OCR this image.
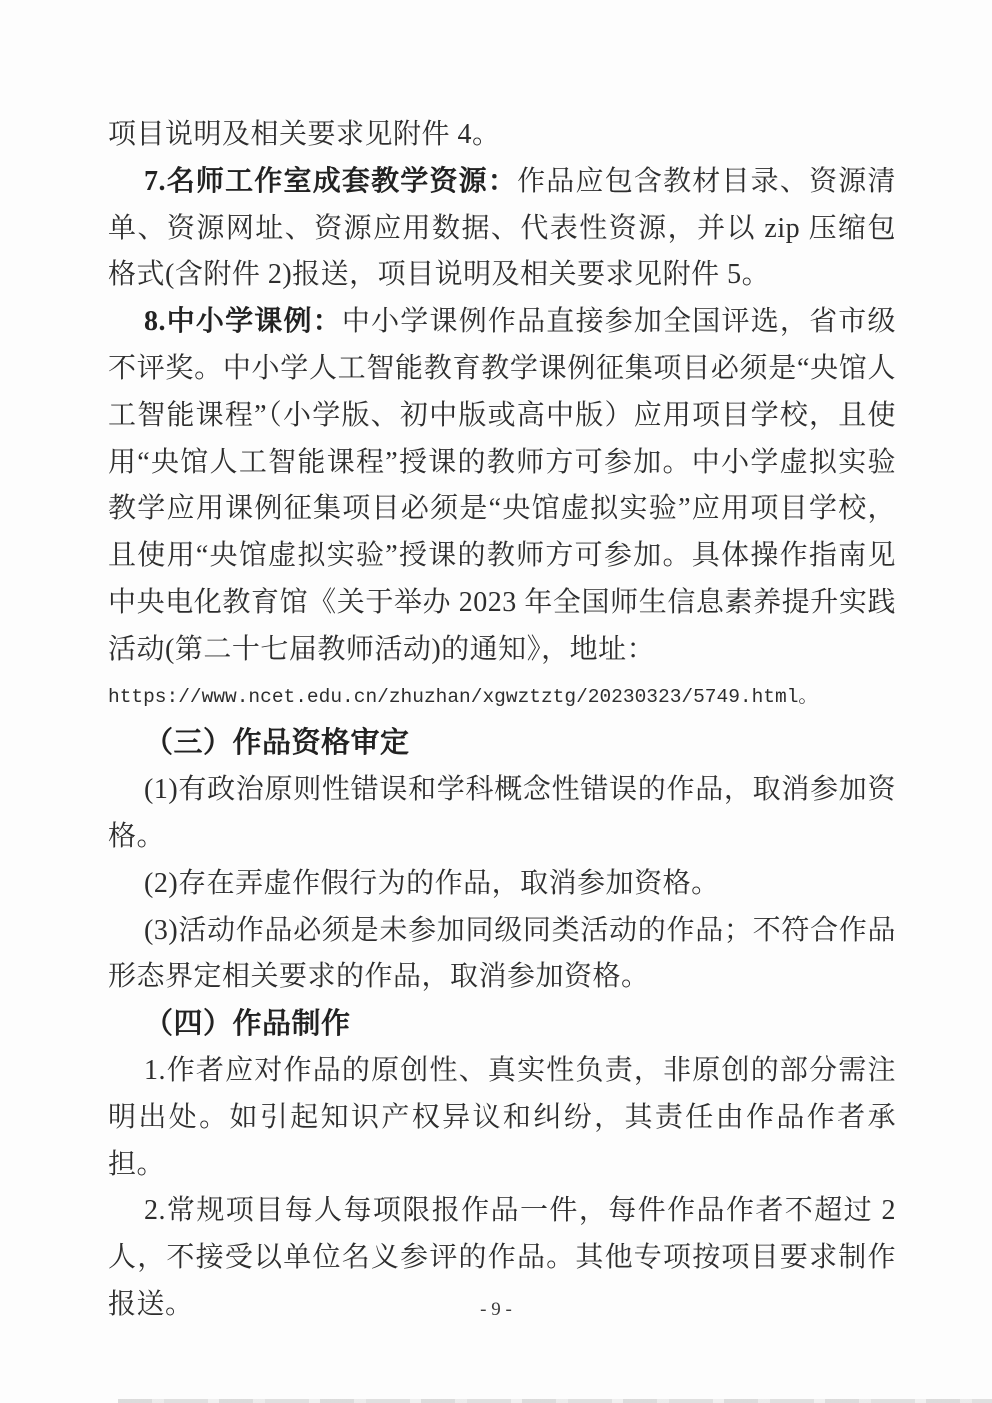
项目说明及相关要求见附件 4。

7.名师工作室成套教学资源：作品应包含教材目录、资源清单、资源网址、资源应用数据、代表性资源，并以 zip 压缩包格式(含附件 2)报送，项目说明及相关要求见附件 5。

8.中小学课例：中小学课例作品直接参加全国评选，省市级不评奖。中小学人工智能教育教学课例征集项目必须是“央馆人工智能课程”（小学版、初中版或高中版）应用项目学校，且使用“央馆人工智能课程”授课的教师方可参加。中小学虚拟实验教学应用课例征集项目必须是“央馆虚拟实验”应用项目学校，且使用“央馆虚拟实验”授课的教师方可参加。具体操作指南见中央电化教育馆《关于举办 2023 年全国师生信息素养提升实践活动(第二十七届教师活动)的通知》，地址：

https://www.ncet.edu.cn/zhuzhan/xgwztztg/20230323/5749.html。

（三）作品资格审定

(1)有政治原则性错误和学科概念性错误的作品，取消参加资格。

(2)存在弄虚作假行为的作品，取消参加资格。

(3)活动作品必须是未参加同级同类活动的作品；不符合作品形态界定相关要求的作品，取消参加资格。

（四）作品制作

1.作者应对作品的原创性、真实性负责，非原创的部分需注明出处。如引起知识产权异议和纠纷，其责任由作品作者承担。

2.常规项目每人每项限报作品一件，每件作品作者不超过 2 人，不接受以单位名义参评的作品。其他专项按项目要求制作报送。	- 9 -
